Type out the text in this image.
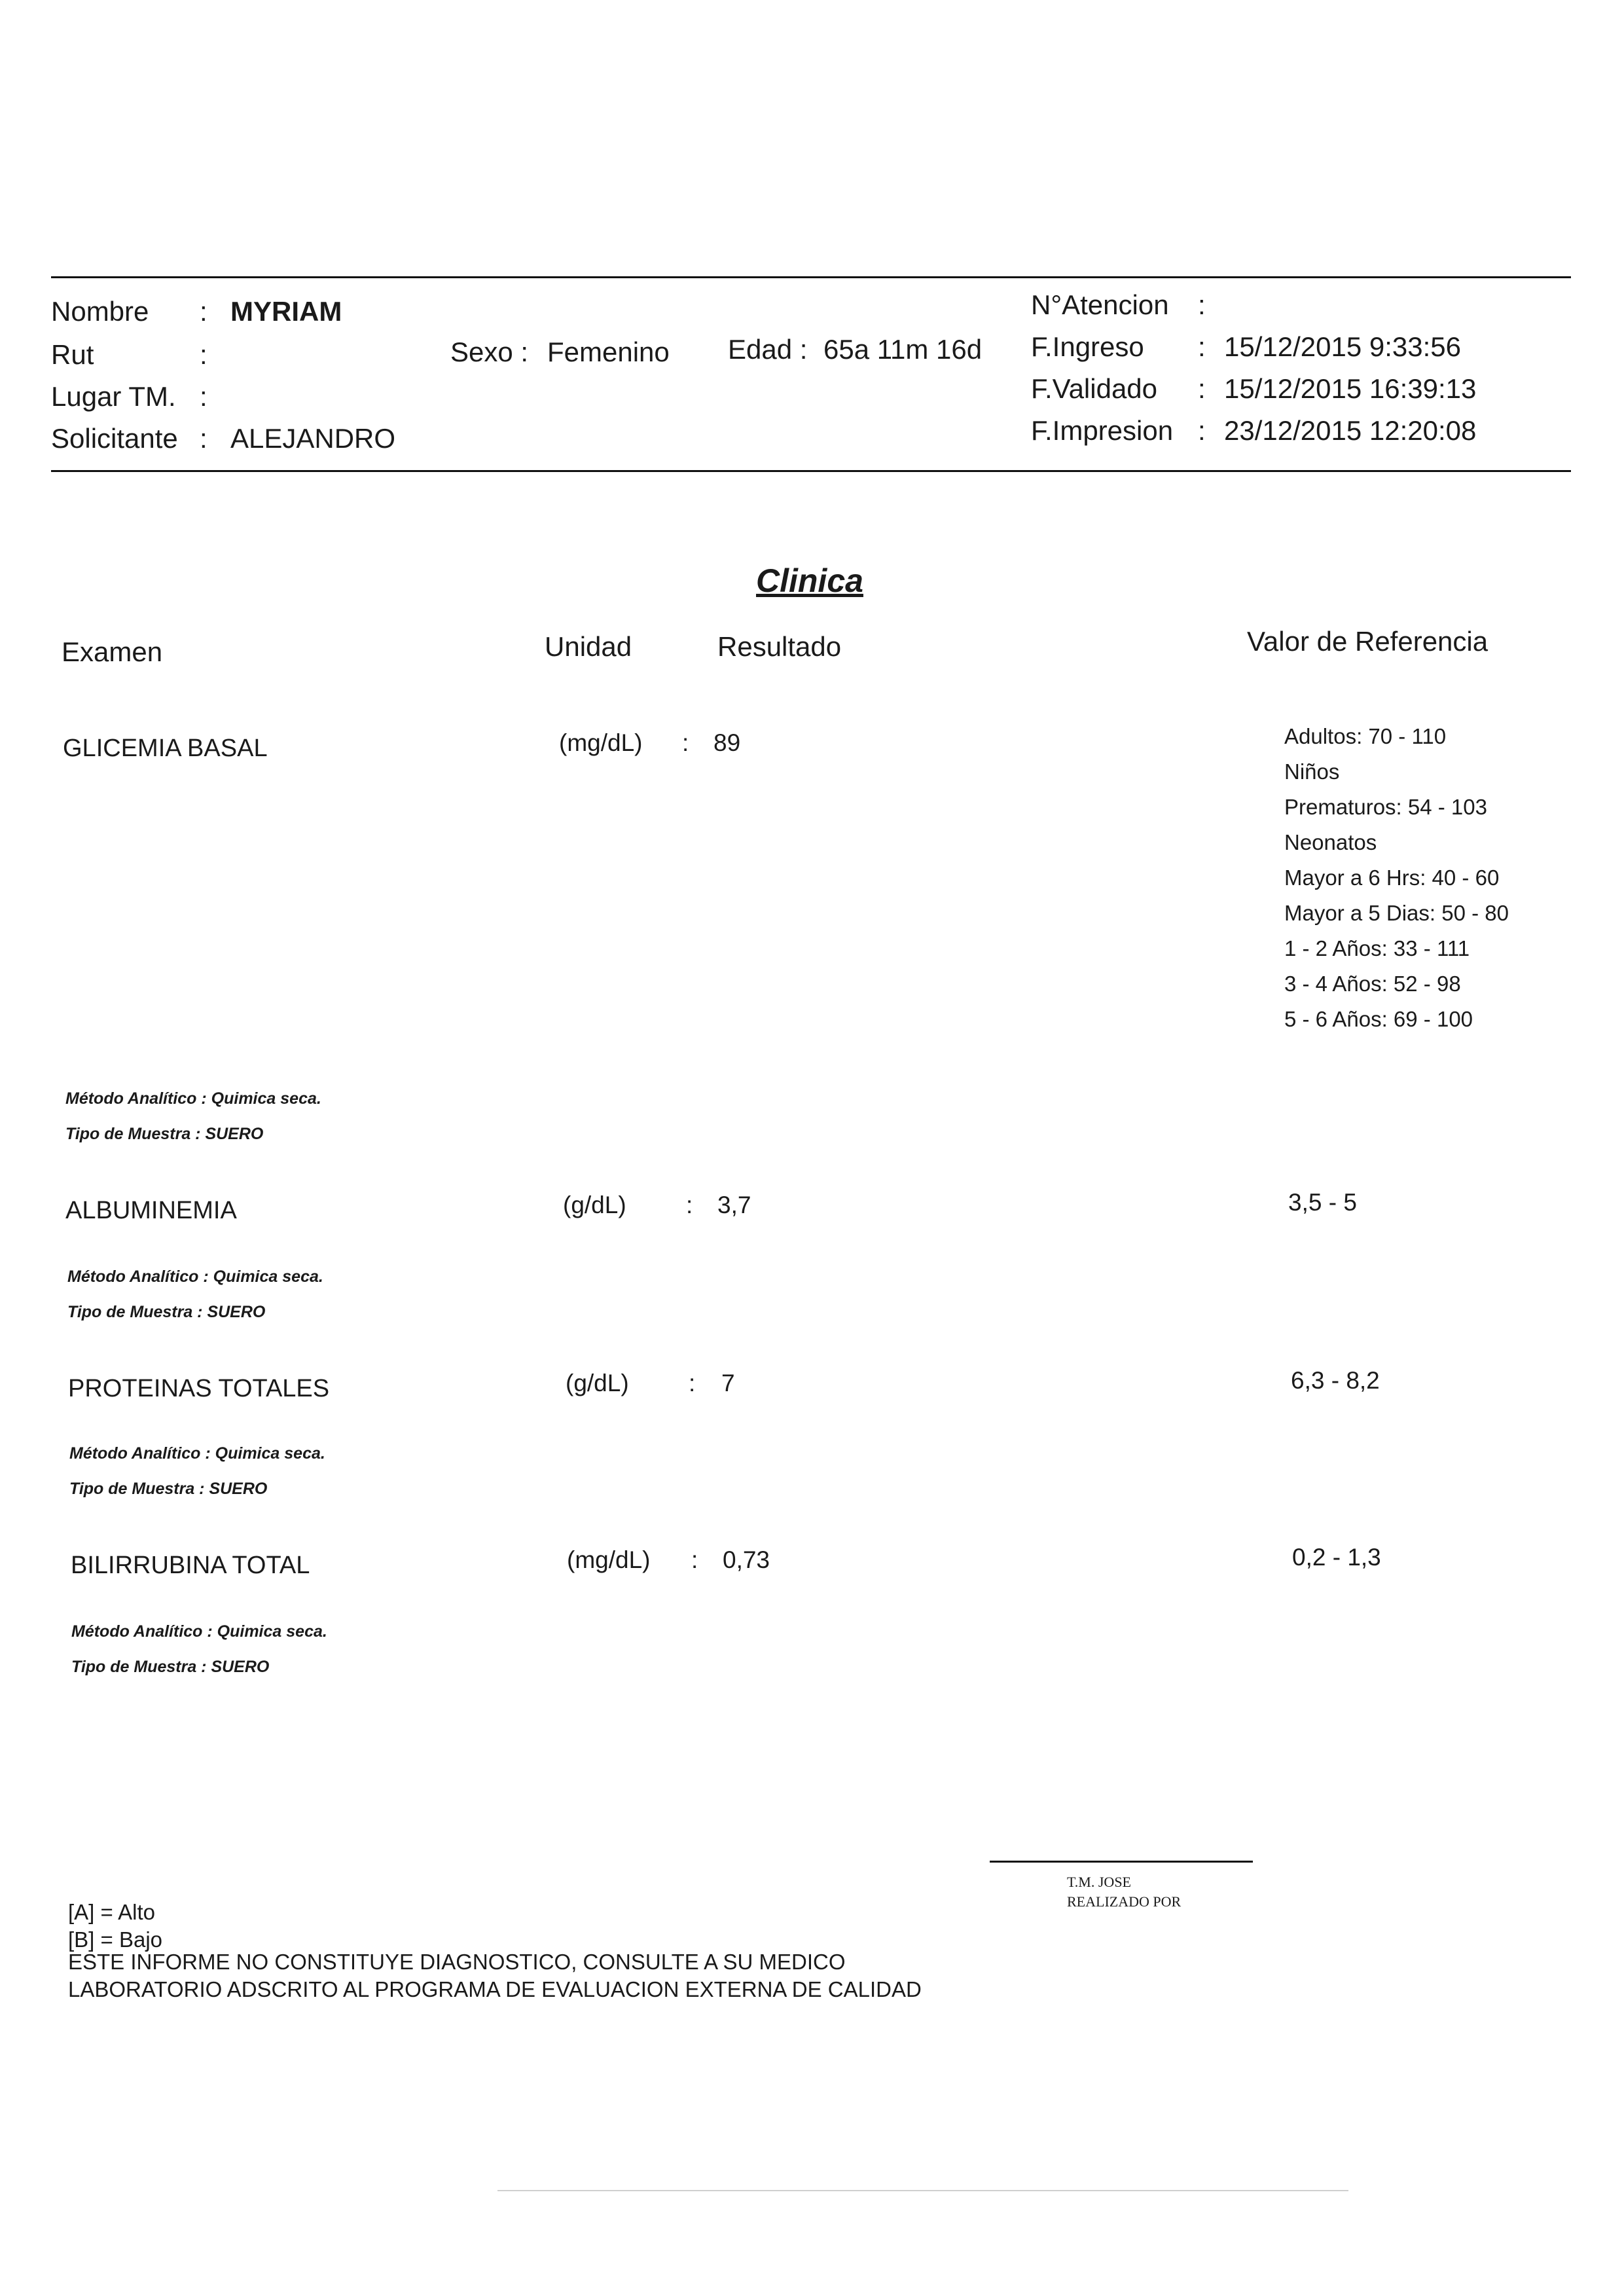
Nombre : MYRIAM
Rut	:
Lugar TM. :
Solicitante : ALEJANDRO
Sexo : Femenino Edad : 65a 11m 16d
N°Atencion :
F.Ingreso : 15/12/2015 9:33:56
F.Validado : 15/12/2015 16:39:13
F.Impresion : 23/12/2015 12:20:08
Clinica
Examen	Unidad	Resultado	Valor de Referencia
GLICEMIA BASAL	(mg/dL) : 89	Adultos: 70 - 110
Niños
Prematuros: 54 - 103
Neonatos
Mayor a 6 Hrs: 40 - 60
Mayor a 5 Dias: 50 - 80
1 - 2 Años: 33 - 111
3 - 4 Años: 52 - 98
5 - 6 Años: 69 - 100
Método Analítico : Quimica seca.
Tipo de Muestra : SUERO
ALBUMINEMIA	(g/dL) : 3,7	3,5 - 5
Método Analítico : Quimica seca.
Tipo de Muestra : SUERO
PROTEINAS TOTALES	(g/dL) : 7	6,3 - 8,2
Método Analítico : Quimica seca.
Tipo de Muestra : SUERO
BILIRRUBINA TOTAL	(mg/dL) : 0,73	0,2 - 1,3
Método Analítico : Quimica seca.
Tipo de Muestra : SUERO
T.M. JOSE
REALIZADO POR
[A] = Alto
[B] = Bajo
ESTE INFORME NO CONSTITUYE DIAGNOSTICO, CONSULTE A SU MEDICO
LABORATORIO ADSCRITO AL PROGRAMA DE EVALUACION EXTERNA DE CALIDAD
